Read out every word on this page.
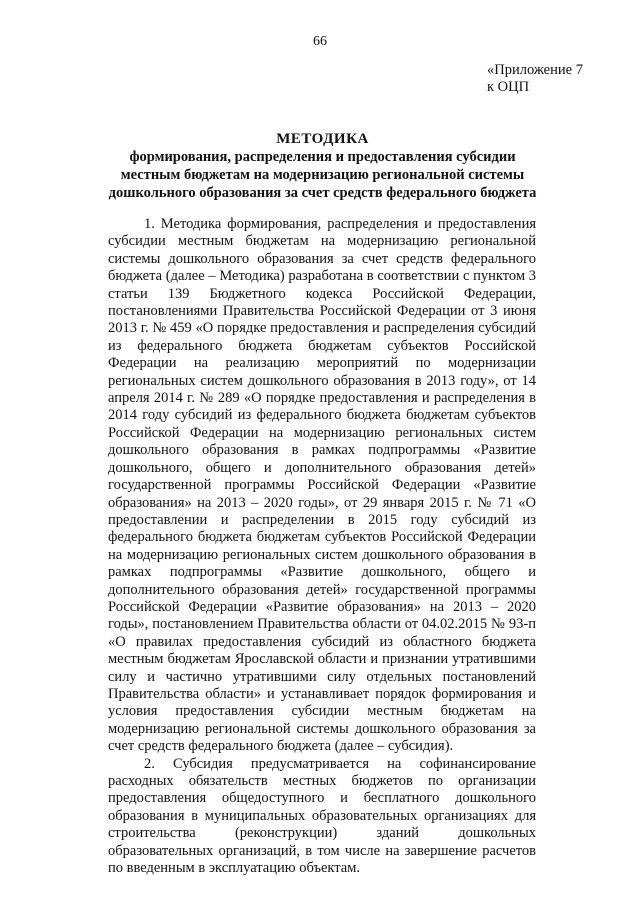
66
«Приложение 7
к ОЦП
МЕТОДИКА
формирования, распределения и предоставления субсидии местным бюджетам на модернизацию региональной системы дошкольного образования за счет средств федерального бюджета

1. Методика формирования, распределения и предоставления субсидии местным бюджетам на модернизацию региональной системы дошкольного образования за счет средств федерального бюджета (далее – Методика) разработана в соответствии с пунктом 3 статьи 139 Бюджетного кодекса Российской Федерации, постановлениями Правительства Российской Федерации от 3 июня 2013 г. № 459 «О порядке предоставления и распределения субсидий из федерального бюджета бюджетам субъектов Российской Федерации на реализацию мероприятий по модернизации региональных систем дошкольного образования в 2013 году», от 14 апреля 2014 г. № 289 «О порядке предоставления и распределения в 2014 году субсидий из федерального бюджета бюджетам субъектов Российской Федерации на модернизацию региональных систем дошкольного образования в рамках подпрограммы «Развитие дошкольного, общего и дополнительного образования детей» государственной программы Российской Федерации «Развитие образования» на 2013 – 2020 годы», от 29 января 2015 г. № 71 «О предоставлении и распределении в 2015 году субсидий из федерального бюджета бюджетам субъектов Российской Федерации на модернизацию региональных систем дошкольного образования в рамках подпрограммы «Развитие дошкольного, общего и дополнительного образования детей» государственной программы Российской Федерации «Развитие образования» на 2013 – 2020 годы», постановлением Правительства области от 04.02.2015 № 93-п «О правилах предоставления субсидий из областного бюджета местным бюджетам Ярославской области и признании утратившими силу и частично утратившими силу отдельных постановлений Правительства области» и устанавливает порядок формирования и условия предоставления субсидии местным бюджетам на модернизацию региональной системы дошкольного образования за счет средств федерального бюджета (далее – субсидия).

2. Субсидия предусматривается на софинансирование расходных обязательств местных бюджетов по организации предоставления общедоступного и бесплатного дошкольного образования в муниципальных образовательных организациях для строительства (реконструкции) зданий дошкольных образовательных организаций, в том числе на завершение расчетов по введенным в эксплуатацию объектам.
